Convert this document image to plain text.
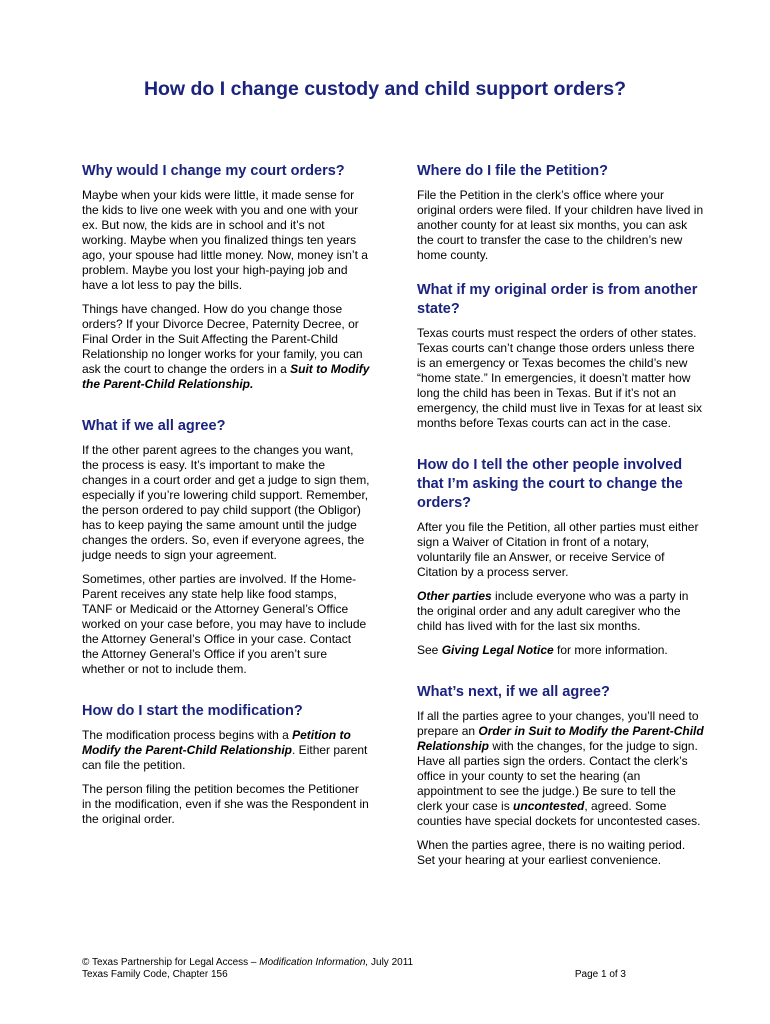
How do I change custody and child support orders?
Why would I change my court orders?

Maybe when your kids were little, it made sense for the kids to live one week with you and one with your ex. But now, the kids are in school and it’s not working. Maybe when you finalized things ten years ago, your spouse had little money. Now, money isn’t a problem. Maybe you lost your high-paying job and have a lot less to pay the bills.

Things have changed. How do you change those orders? If your Divorce Decree, Paternity Decree, or Final Order in the Suit Affecting the Parent-Child Relationship no longer works for your family, you can ask the court to change the orders in a Suit to Modify the Parent-Child Relationship.

What if we all agree?

If the other parent agrees to the changes you want, the process is easy. It’s important to make the changes in a court order and get a judge to sign them, especially if you’re lowering child support. Remember, the person ordered to pay child support (the Obligor) has to keep paying the same amount until the judge changes the orders. So, even if everyone agrees, the judge needs to sign your agreement.

Sometimes, other parties are involved. If the Home-Parent receives any state help like food stamps, TANF or Medicaid or the Attorney General’s Office worked on your case before, you may have to include the Attorney General’s Office in your case. Contact the Attorney General’s Office if you aren’t sure whether or not to include them.

How do I start the modification?

The modification process begins with a Petition to Modify the Parent-Child Relationship. Either parent can file the petition.

The person filing the petition becomes the Petitioner in the modification, even if she was the Respondent in the original order.

Where do I file the Petition?

File the Petition in the clerk’s office where your original orders were filed. If your children have lived in another county for at least six months, you can ask the court to transfer the case to the children’s new home county.

What if my original order is from another state?

Texas courts must respect the orders of other states. Texas courts can’t change those orders unless there is an emergency or Texas becomes the child’s new “home state.” In emergencies, it doesn’t matter how long the child has been in Texas. But if it’s not an emergency, the child must live in Texas for at least six months before Texas courts can act in the case.

How do I tell the other people involved that I’m asking the court to change the orders?

After you file the Petition, all other parties must either sign a Waiver of Citation in front of a notary, voluntarily file an Answer, or receive Service of Citation by a process server.

Other parties include everyone who was a party in the original order and any adult caregiver who the child has lived with for the last six months.

See Giving Legal Notice for more information.

What’s next, if we all agree?

If all the parties agree to your changes, you’ll need to prepare an Order in Suit to Modify the Parent-Child Relationship with the changes, for the judge to sign. Have all parties sign the orders. Contact the clerk’s office in your county to set the hearing (an appointment to see the judge.) Be sure to tell the clerk your case is uncontested, agreed. Some counties have special dockets for uncontested cases.

When the parties agree, there is no waiting period. Set your hearing at your earliest convenience.

© Texas Partnership for Legal Access – Modification Information, July 2011
Texas Family Code, Chapter 156	Page 1 of 3
